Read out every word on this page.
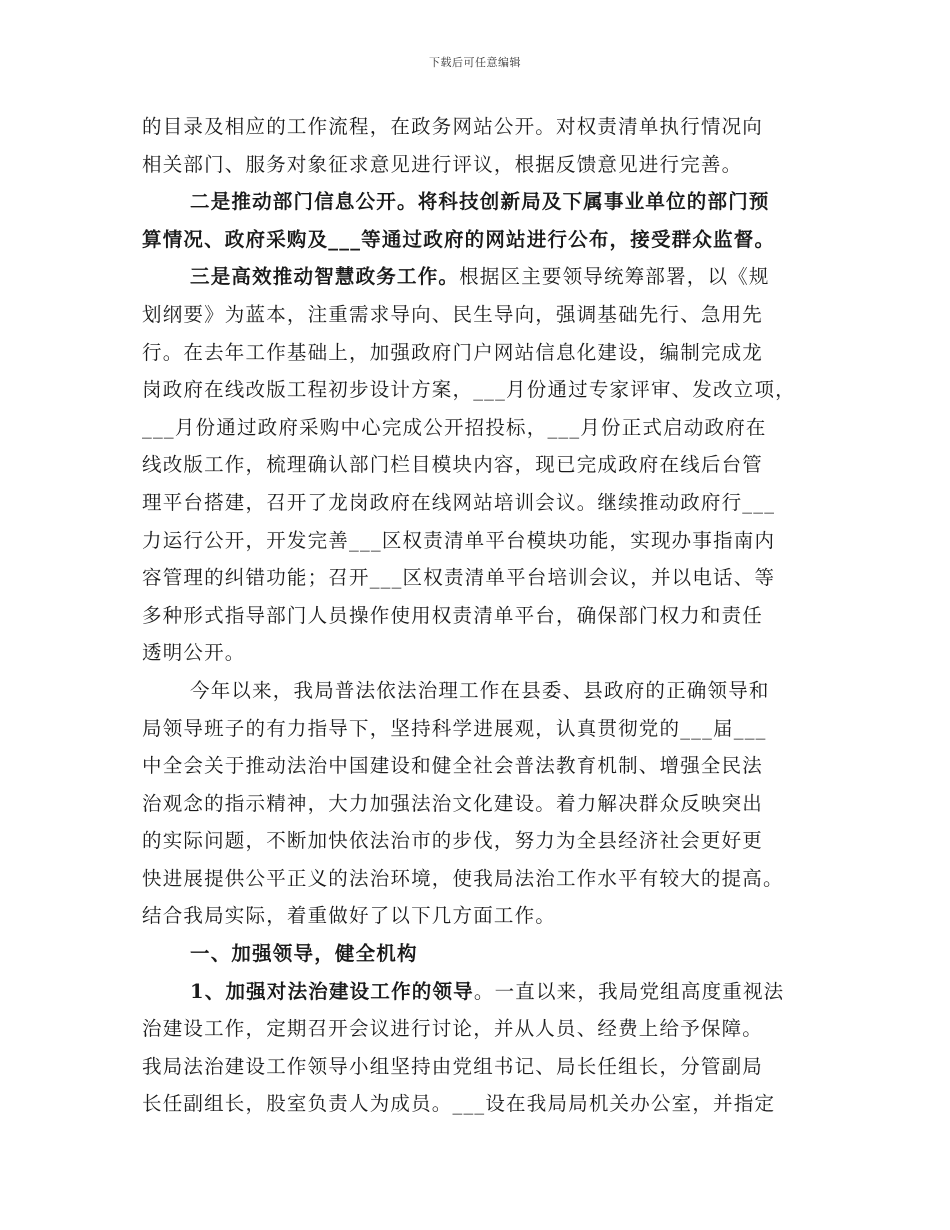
下载后可任意编辑
的目录及相应的工作流程，在政务网站公开。对权责清单执行情况向
相关部门、服务对象征求意见进行评议，根据反馈意见进行完善。
二是推动部门信息公开。将科技创新局及下属事业单位的部门预
算情况、政府采购及___等通过政府的网站进行公布，接受群众监督。
三是高效推动智慧政务工作。根据区主要领导统筹部署，以《规
划纲要》为蓝本，注重需求导向、民生导向，强调基础先行、急用先
行。在去年工作基础上，加强政府门户网站信息化建设，编制完成龙
岗政府在线改版工程初步设计方案，___月份通过专家评审、发改立项，
___月份通过政府采购中心完成公开招投标，___月份正式启动政府在
线改版工作，梳理确认部门栏目模块内容，现已完成政府在线后台管
理平台搭建，召开了龙岗政府在线网站培训会议。继续推动政府行___
力运行公开，开发完善___区权责清单平台模块功能，实现办事指南内
容管理的纠错功能；召开___区权责清单平台培训会议，并以电话、等
多种形式指导部门人员操作使用权责清单平台，确保部门权力和责任
透明公开。
今年以来，我局普法依法治理工作在县委、县政府的正确领导和
局领导班子的有力指导下，坚持科学进展观，认真贯彻党的___届___
中全会关于推动法治中国建设和健全社会普法教育机制、增强全民法
治观念的指示精神，大力加强法治文化建设。着力解决群众反映突出
的实际问题，不断加快依法治市的步伐，努力为全县经济社会更好更
快进展提供公平正义的法治环境，使我局法治工作水平有较大的提高。
结合我局实际，着重做好了以下几方面工作。
一、加强领导，健全机构
1、加强对法治建设工作的领导。一直以来，我局党组高度重视法
治建设工作，定期召开会议进行讨论，并从人员、经费上给予保障。
我局法治建设工作领导小组坚持由党组书记、局长任组长，分管副局
长任副组长，股室负责人为成员。___设在我局局机关办公室，并指定
